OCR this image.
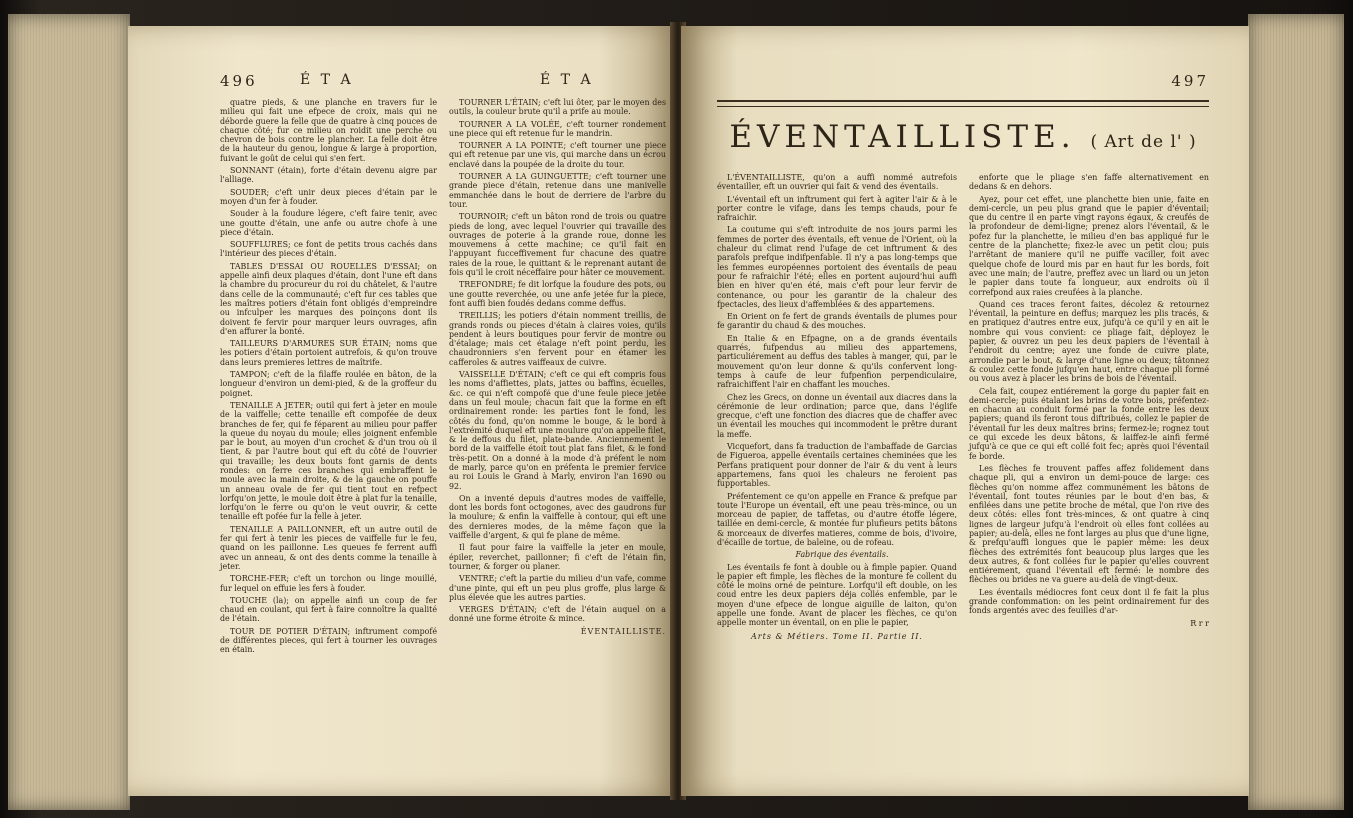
496	É T A	É T A

quatre pieds, & une planche en travers fur le milieu qui fait une efpece de croix, mais qui ne déborde guere la felle que de quatre à cinq pouces de chaque côté; fur ce milieu on roidit une perche ou chevron de bois contre le plancher. La felle doit être de la hauteur du genou, longue & large à proportion, fuivant le goût de celui qui s'en fert.

SONNANT (étain), forte d'étain devenu aigre par l'alliage.

SOUDER; c'eft unir deux pieces d'étain par le moyen d'un fer à fouder.

Souder à la foudure légere, c'eft faire tenir, avec une goutte d'étain, une anfe ou autre chofe à une piece d'étain.

SOUFFLURES; ce font de petits trous cachés dans l'intérieur des pieces d'étain.

TABLES D'ESSAI OU ROUELLES D'ESSAI; on appelle ainfi deux plaques d'étain, dont l'une eft dans la chambre du procureur du roi du châtelet, & l'autre dans celle de la communauté; c'eft fur ces tables que les maîtres potiers d'étain font obligés d'empreindre ou infculper les marques des poinçons dont ils doivent fe fervir pour marquer leurs ouvrages, afin d'en affurer la bonté.

TAILLEURS D'ARMURES SUR ÉTAIN; noms que les potiers d'étain portoient autrefois, & qu'on trouve dans leurs premieres lettres de maîtrife.

TAMPON; c'eft de la filaffe roulée en bâton, de la longueur d'environ un demi-pied, & de la groffeur du poignet.

TENAILLE A JETER; outil qui fert à jeter en moule de la vaiffelle; cette tenaille eft compofée de deux branches de fer, qui fe féparent au milieu pour paffer la queue du noyau du moule; elles joignent enfemble par le bout, au moyen d'un crochet & d'un trou où il tient, & par l'autre bout qui eft du côté de l'ouvrier qui travaille; les deux bouts font garnis de dents rondes: on ferre ces branches qui embraffent le moule avec la main droite, & de la gauche on pouffe un anneau ovale de fer qui tient tout en refpect lorfqu'on jette, le moule doit être à plat fur la tenaille, lorfqu'on le ferre ou qu'on le veut ouvrir, & cette tenaille eft pofée fur la felle à jeter.

TENAILLE A PAILLONNER, eft un autre outil de fer qui fert à tenir les pieces de vaiffelle fur le feu, quand on les paillonne. Les queues fe ferrent auffi avec un anneau, & ont des dents comme la tenaille à jeter.

TORCHE-FER; c'eft un torchon ou linge mouillé, fur lequel on effuie les fers à fouder.

TOUCHE (la); on appelle ainfi un coup de fer chaud en coulant, qui fert à faire connoître la qualité de l'étain.

TOUR DE POTIER D'ÉTAIN; inftrument compofé de différentes pieces, qui fert à tourner les ouvrages en étain.

TOURNER L'ÉTAIN; c'eft lui ôter, par le moyen des outils, la couleur brute qu'il a prife au moule.

TOURNER A LA VOLÉE, c'eft tourner rondement une piece qui eft retenue fur le mandrin.

TOURNER A LA POINTE; c'eft tourner une piece qui eft retenue par une vis, qui marche dans un écrou enclavé dans la poupée de la droite du tour.

TOURNER A LA GUINGUETTE; c'eft tourner une grande piece d'étain, retenue dans une manivelle emmanchée dans le bout de derriere de l'arbre du tour.

TOURNOIR; c'eft un bâton rond de trois ou quatre pieds de long, avec lequel l'ouvrier qui travaille des ouvrages de poterie à la grande roue, donne les mouvemens à cette machine; ce qu'il fait en l'appuyant fucceffivement fur chacune des quatre raies de la roue, le quittant & le reprenant autant de fois qu'il le croit néceffaire pour hâter ce mouvement.

TREFONDRE; fe dit lorfque la foudure des pots, ou une goutte reverchée, ou une anfe jetée fur la piece, font auffi bien foudés dedans comme deffus.

TREILLIS; les potiers d'étain nomment treillis, de grands ronds ou pieces d'étain à claires voies, qu'ils pendent à leurs boutiques pour fervir de montre ou d'étalage; mais cet étalage n'eft point perdu, les chaudronniers s'en fervent pour en étamer les cafferoles & autres vaiffeaux de cuivre.

VAISSELLE D'ÉTAIN; c'eft ce qui eft compris fous les noms d'affiettes, plats, jattes ou baffins, écuelles, &c. ce qui n'eft compofé que d'une feule piece jetée dans un feul moule; chacun fait que la forme en eft ordinairement ronde: les parties font le fond, les côtés du fond, qu'on nomme le bouge, & le bord à l'extrémité duquel eft une moulure qu'on appelle filet, & le deffous du filet, plate-bande. Anciennement le bord de la vaiffelle étoit tout plat fans filet, & le fond très-petit. On a donné à la mode d'à préfent le nom de marly, parce qu'on en préfenta le premier fervice au roi Louis le Grand à Marly, environ l'an 1690 ou 92.

On a inventé depuis d'autres modes de vaiffelle, dont les bords font octogones, avec des gaudrons fur la moulure; & enfin la vaiffelle à contour, qui eft une des dernieres modes, de la même façon que la vaiffelle d'argent, & qui fe plane de même.

Il faut pour faire la vaiffelle la jeter en moule, épiler, reverchet, paillonner; fi c'eft de l'étain fin, tourner, & forger ou planer.

VENTRE; c'eft la partie du milieu d'un vafe, comme d'une pinte, qui eft un peu plus groffe, plus large & plus élevée que les autres parties.

VERGES D'ÉTAIN; c'eft de l'étain auquel on a donné une forme étroite & mince.

ÉVENTAILLISTE.
497
ÉVENTAILLISTE. ( Art de l' )

L'ÉVENTAILLISTE, qu'on a auffi nommé autrefois éventailler, eft un ouvrier qui fait & vend des éventails.

L'éventail eft un inftrument qui fert à agiter l'air & à le porter contre le vifage, dans les temps chauds, pour fe rafraichir.

La coutume qui s'eft introduite de nos jours parmi les femmes de porter des éventails, eft venue de l'Orient, où la chaleur du climat rend l'ufage de cet inftrument & des parafols prefque indifpenfable. Il n'y a pas long-temps que les femmes européennes portoient des éventails de peau pour fe rafraichir l'été; elles en portent aujourd'hui auffi bien en hiver qu'en été, mais c'eft pour leur fervir de contenance, ou pour les garantir de la chaleur des fpectacles, des lieux d'affemblées & des appartemens.

En Orient on fe fert de grands éventails de plumes pour fe garantir du chaud & des mouches.

En Italie & en Efpagne, on a de grands éventails quarrés, fufpendus au milieu des appartemens, particuliérement au deffus des tables à manger, qui, par le mouvement qu'on leur donne & qu'ils confervent long-temps à caufe de leur fufpenfion perpendiculaire, rafraichiffent l'air en chaffant les mouches.

Chez les Grecs, on donne un éventail aux diacres dans la cérémonie de leur ordination; parce que, dans l'églife grecque, c'eft une fonction des diacres que de chaffer avec un éventail les mouches qui incommodent le prêtre durant la meffe.

Vicquefort, dans fa traduction de l'ambaffade de Garcias de Figueroa, appelle éventails certaines cheminées que les Perfans pratiquent pour donner de l'air & du vent à leurs appartemens, fans quoi les chaleurs ne feroient pas fupportables.

Préfentement ce qu'on appelle en France & prefque par toute l'Europe un éventail, eft une peau très-mince, ou un morceau de papier, de taffetas, ou d'autre étoffe légere, taillée en demi-cercle, & montée fur plufieurs petits bâtons & morceaux de diverfes matieres, comme de bois, d'ivoire, d'écaille de tortue, de baleine, ou de rofeau.

Fabrique des éventails.

Les éventails fe font à double ou à fimple papier. Quand le papier eft fimple, les flèches de la monture fe collent du côté le moins orné de peinture. Lorfqu'il eft double, on les coud entre les deux papiers déja collés enfemble, par le moyen d'une efpece de longue aiguille de laiton, qu'on appelle une fonde. Avant de placer les flèches, ce qu'on appelle monter un éventail, on en plie le papier,

Arts & Métiers. Tome II. Partie II.

enforte que le pliage s'en faffe alternativement en dedans & en dehors.

Ayez, pour cet effet, une planchette bien unie, faite en demi-cercle, un peu plus grand que le papier d'éventail; que du centre il en parte vingt rayons égaux, & creufés de la profondeur de demi-ligne; prenez alors l'éventail, & le pofez fur la planchette, le milieu d'en bas appliqué fur le centre de la planchette; fixez-le avec un petit clou; puis l'arrêtant de maniere qu'il ne puiffe vaciller, foit avec quelque chofe de lourd mis par en haut fur les bords, foit avec une main; de l'autre, preffez avec un liard ou un jeton le papier dans toute fa longueur, aux endroits où il correfpond aux raies creufées à la planche.

Quand ces traces feront faites, décolez & retournez l'éventail, la peinture en deffus; marquez les plis tracés, & en pratiquez d'autres entre eux, jufqu'à ce qu'il y en ait le nombre qui vous convient: ce pliage fait, déployez le papier, & ouvrez un peu les deux papiers de l'éventail à l'endroit du centre; ayez une fonde de cuivre plate, arrondie par le bout, & large d'une ligne ou deux; tâtonnez & coulez cette fonde jufqu'en haut, entre chaque pli formé ou vous avez à placer les brins de bois de l'éventail.

Cela fait, coupez entiérement la gorge du papier fait en demi-cercle; puis étalant les brins de votre bois, préfentez-en chacun au conduit formé par la fonde entre les deux papiers; quand ils feront tous diftribués, collez le papier de l'éventail fur les deux maîtres brins; fermez-le; rognez tout ce qui excede les deux bâtons, & laiffez-le ainfi fermé jufqu'à ce que ce qui eft collé foit fec; après quoi l'éventail fe borde.

Les flèches fe trouvent paffes affez folidement dans chaque pli, qui a environ un demi-pouce de large: ces flèches qu'on nomme affez communément les bâtons de l'éventail, font toutes réunies par le bout d'en bas, & enfilées dans une petite broche de métal, que l'on rive des deux côtés: elles font très-minces, & ont quatre à cinq lignes de largeur jufqu'à l'endroit où elles font collées au papier; au-delà, elles ne font larges au plus que d'une ligne, & prefqu'auffi longues que le papier même: les deux flèches des extrémités font beaucoup plus larges que les deux autres, & font collées fur le papier qu'elles couvrent entiérement, quand l'éventail eft fermé: le nombre des flèches ou brides ne va guere au-delà de vingt-deux.

Les éventails médiocres font ceux dont il fe fait la plus grande confommation: on les peint ordinairement fur des fonds argentés avec des feuilles d'ar-

R r r
